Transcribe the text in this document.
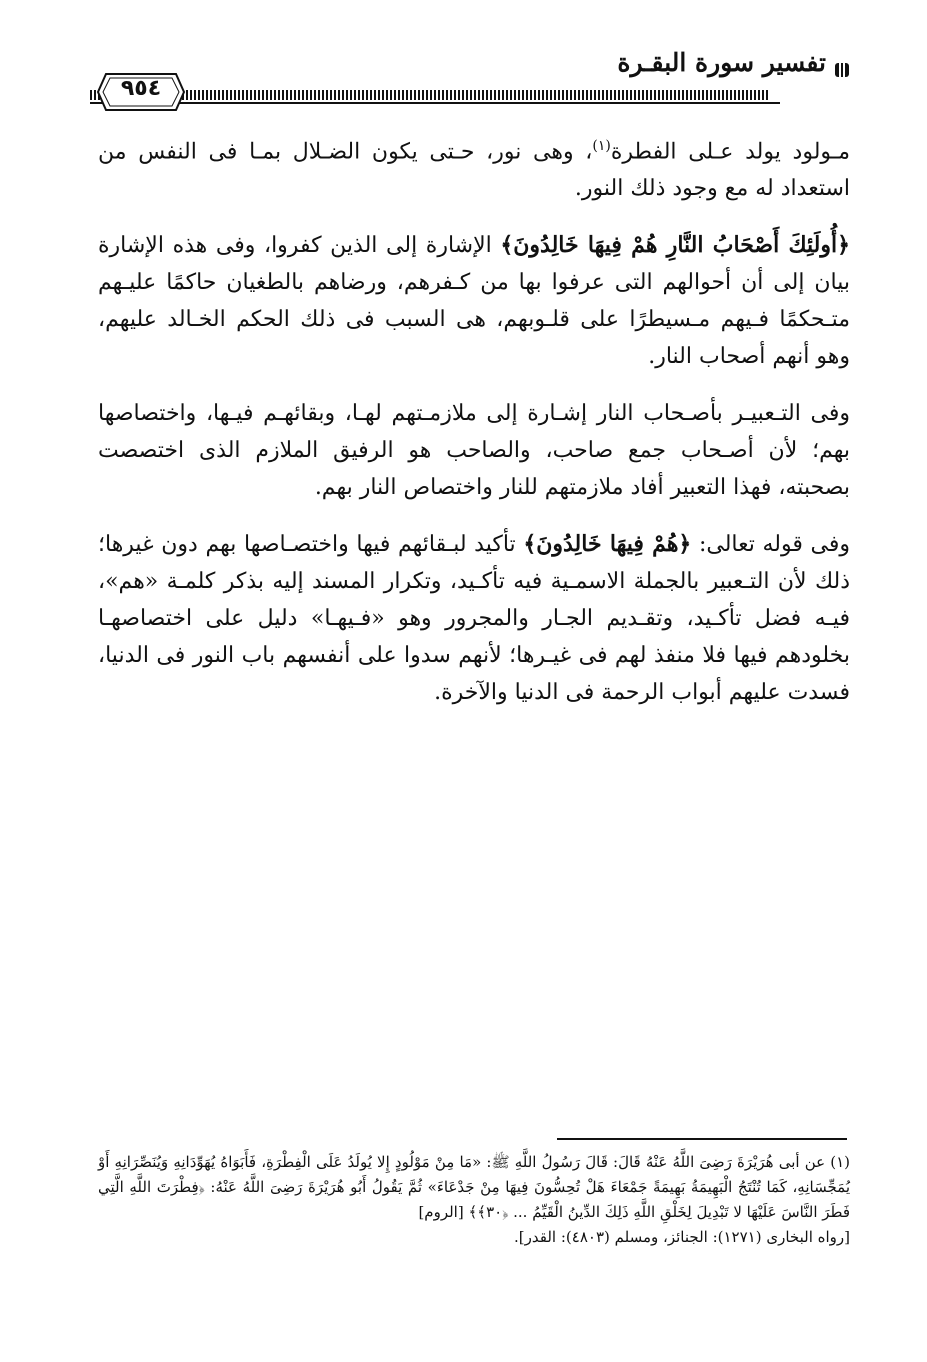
تفسير سورة البقـرة
٩٥٤

مـولود يولد عـلى الفطرة$^{(١)}$، وهى نور، حـتى يكون الضـلال بمـا فى النفس من استعداد له مع وجود ذلك النور.

﴿أُولَئِكَ أَصْحَابُ النَّارِ هُمْ فِيهَا خَالِدُونَ﴾ الإشارة إلى الذين كفروا، وفى هذه الإشارة بيان إلى أن أحوالهم التى عرفوا بها من كـفرهم، ورضاهم بالطغيان حاكمًا عليـهم متـحكمًا فـيهم مـسيطرًا على قلـوبهم، هى السبب فى ذلك الحكم الخـالد عليهم، وهو أنهم أصحاب النار.

وفى التـعبيـر بأصـحاب النار إشـارة إلى ملازمـتهم لهـا، وبقائهـم فيـها، واختصاصها بهم؛ لأن أصـحاب جمع صاحب، والصاحب هو الرفيق الملازم الذى اختصصت بصحبته، فهذا التعبير أفاد ملازمتهم للنار واختصاص النار بهم.

وفى قوله تعالى: ﴿هُمْ فِيهَا خَالِدُونَ﴾ تأكيد لبـقائهم فيها واختصـاصها بهم دون غيرها؛ ذلك لأن التـعبير بالجملة الاسمـية فيه تأكـيد، وتكرار المسند إليه بذكر كلمـة «هم»، فيـه فضل تأكـيد، وتقـديم الجـار والمجرور وهو «فـيهـا» دليل على اختصاصهـا بخلودهم فيها فلا منفذ لهم فى غيـرها؛ لأنهم سدوا على أنفسهم باب النور فى الدنيا، فسدت عليهم أبواب الرحمة فى الدنيا والآخرة.

(١) عن أبى هُرَيْرَةَ رَضِىَ اللَّهُ عَنْهُ قَالَ: قَالَ رَسُولُ اللَّهِ ﷺ: «مَا مِنْ مَوْلُودٍ إِلا يُولَدُ عَلَى الْفِطْرَةِ، فَأَبَوَاهُ يُهَوِّدَانِهِ وَيُنَصِّرَانِهِ أَوْ يُمَجِّسَانِهِ، كَمَا تُنْتَجُ الْبَهِيمَةُ بَهِيمَةً جَمْعَاءَ هَلْ تُحِسُّونَ فِيهَا مِنْ جَدْعَاءَ» ثُمَّ يَقُولُ أَبُو هُرَيْرَةَ رَضِىَ اللَّهُ عَنْهُ: ﴿فِطْرَتَ اللَّهِ الَّتِي فَطَرَ النَّاسَ عَلَيْهَا لا تَبْدِيلَ لِخَلْقِ اللَّهِ ذَلِكَ الدِّينُ الْقَيِّمُ ... ﴿٣٠﴾﴾ [الروم]

[رواه البخارى (١٢٧١): الجنائز، ومسلم (٤٨٠٣): القدر].
